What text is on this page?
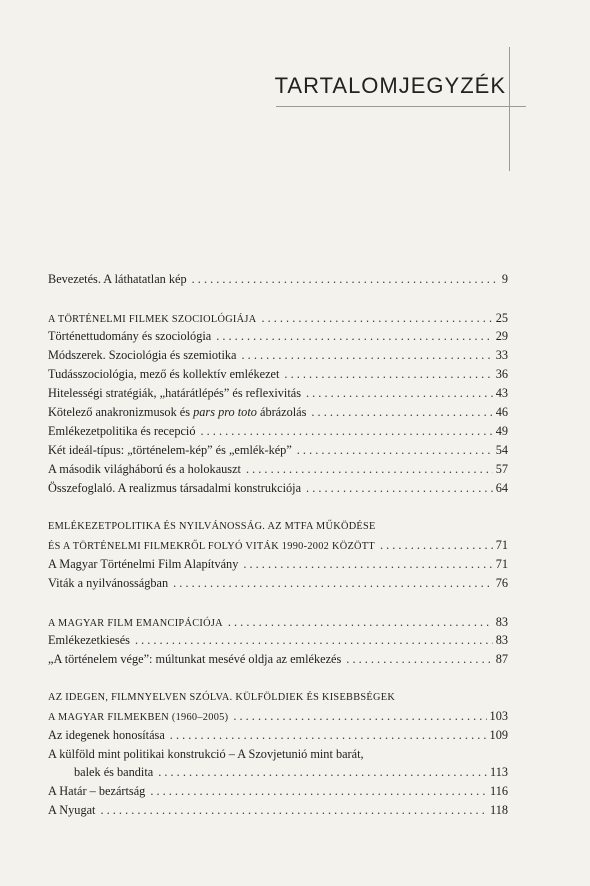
TARTALOMJEGYZÉK
Bevezetés. A láthatatlan kép . . .	9
A TÖRTÉNELMI FILMEK SZOCIOLÓGIÁJA . . .	25
Történettudomány és szociológia . . .	29
Módszerek. Szociológia és szemiotika . . .	33
Tudásszociológia, mező és kollektív emlékezet . . .	36
Hitelességi stratégiák, „határátlépés” és reflexivitás . . .	43
Kötelező anakronizmusok és pars pro toto ábrázolás . . .	46
Emlékezetpolitika és recepció . . .	49
Két ideál-típus: „történelem-kép” és „emlék-kép” . . .	54
A második világháború és a holokauszt . . .	57
Összefoglaló. A realizmus társadalmi konstrukciója . . .	64
EMLÉKEZETPOLITIKA ÉS NYILVÁNOSSÁG. AZ MTFA MŰKÖDÉSE
ÉS A TÖRTÉNELMI FILMEKRŐL FOLYÓ VITÁK 1990-2002 KÖZÖTT . . .	71
A Magyar Történelmi Film Alapítvány . . .	71
Viták a nyilvánosságban . . .	76
A MAGYAR FILM EMANCIPÁCIÓJA . . .	83
Emlékezetkiesés . . .	83
„A történelem vége”: múltunkat mesévé oldja az emlékezés . . .	87
AZ IDEGEN, FILMNYELVEN SZÓLVA. KÜLFÖLDIEK ÉS KISEBBSÉGEK
A MAGYAR FILMEKBEN (1960–2005) . . .	103
Az idegenek honosítása . . .	109
A külföld mint politikai konstrukció – A Szovjetunió mint barát,
balek és bandita . . .	113
A Határ – bezártság . . .	116
A Nyugat . . .	118
